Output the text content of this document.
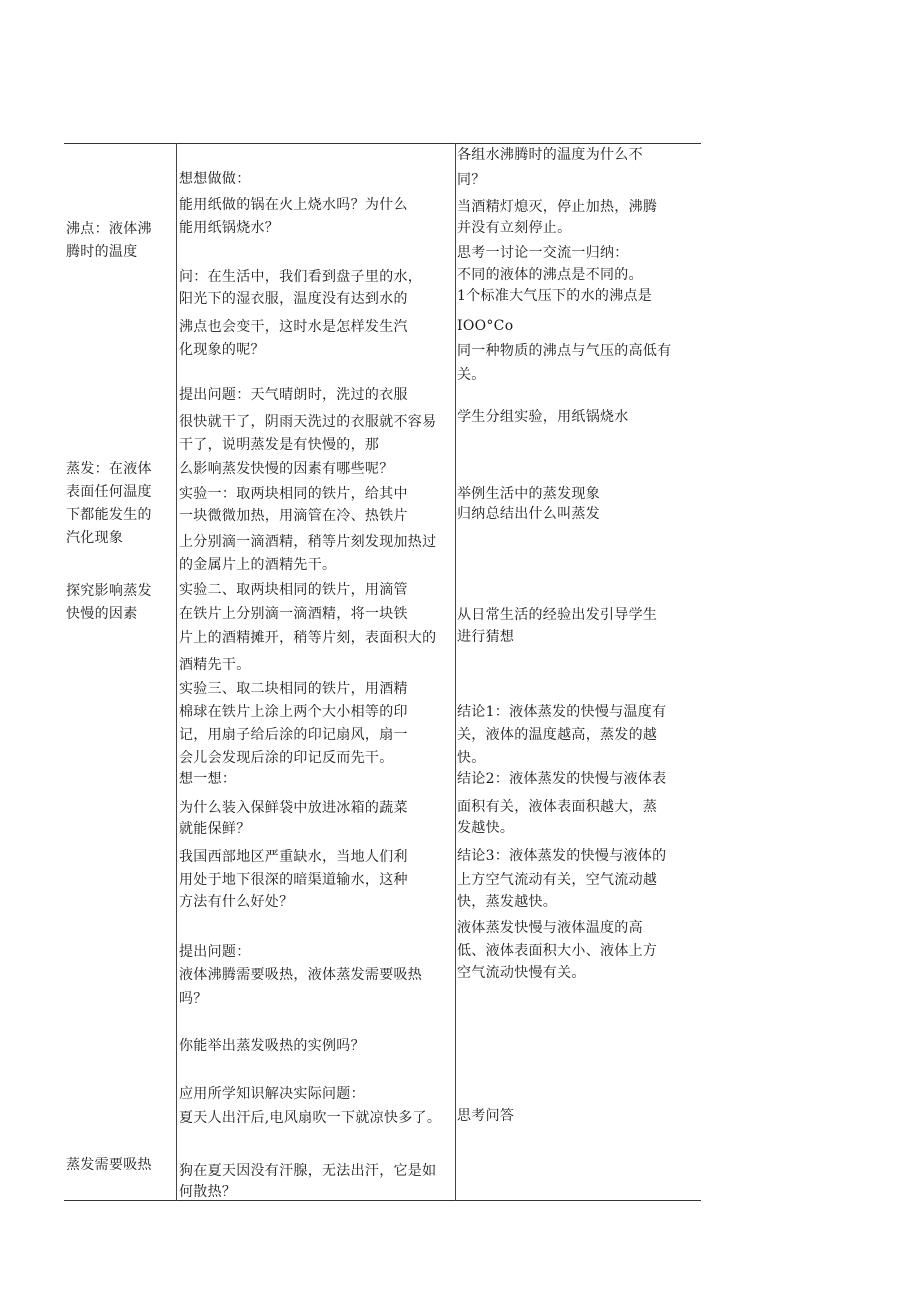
沸点：液体沸
腾时的温度
蒸发：在液体
表面任何温度
下都能发生的
汽化现象
探究影响蒸发
快慢的因素
蒸发需要吸热
想想做做：
能用纸做的锅在火上烧水吗？为什么
能用纸锅烧水？
问：在生活中，我们看到盘子里的水，
阳光下的湿衣服，温度没有达到水的
沸点也会变干，这时水是怎样发生汽
化现象的呢？
提出问题：天气晴朗时，洗过的衣服
很快就干了，阴雨天洗过的衣服就不容易
干了，说明蒸发是有快慢的，那
么影响蒸发快慢的因素有哪些呢？
实验一：取两块相同的铁片，给其中
一块微微加热，用滴管在冷、热铁片
上分别滴一滴酒精，稍等片刻发现加热过
的金属片上的酒精先干。
实验二、取两块相同的铁片，用滴管
在铁片上分别滴一滴酒精，将一块铁
片上的酒精摊开，稍等片刻，表面积大的
酒精先干。
实验三、取二块相同的铁片，用酒精
棉球在铁片上涂上两个大小相等的印
记，用扇子给后涂的印记扇风，扇一
会儿会发现后涂的印记反而先干。
想一想：
为什么装入保鲜袋中放进冰箱的蔬菜
就能保鲜？
我国西部地区严重缺水，当地人们利
用处于地下很深的暗渠道输水，这种
方法有什么好处？
提出问题：
液体沸腾需要吸热，液体蒸发需要吸热
吗？
你能举出蒸发吸热的实例吗？
应用所学知识解决实际问题：
夏天人出汗后,电风扇吹一下就凉快多了。
狗在夏天因没有汗腺，无法出汗，它是如
何散热？
各组水沸腾时的温度为什么不
同？
当酒精灯熄灭，停止加热，沸腾
并没有立刻停止。
思考一讨论一交流一归纳：
不同的液体的沸点是不同的。
1个标准大气压下的水的沸点是
IOO°Co
同一种物质的沸点与气压的高低有
关。
学生分组实验，用纸锅烧水
举例生活中的蒸发现象
归纳总结出什么叫蒸发
从日常生活的经验出发引导学生
进行猜想
结论1：液体蒸发的快慢与温度有
关，液体的温度越高，蒸发的越
快。
结论2：液体蒸发的快慢与液体表
面积有关，液体表面积越大，蒸
发越快。
结论3：液体蒸发的快慢与液体的
上方空气流动有关，空气流动越
快，蒸发越快。
液体蒸发快慢与液体温度的高
低、液体表面积大小、液体上方
空气流动快慢有关。
思考问答
